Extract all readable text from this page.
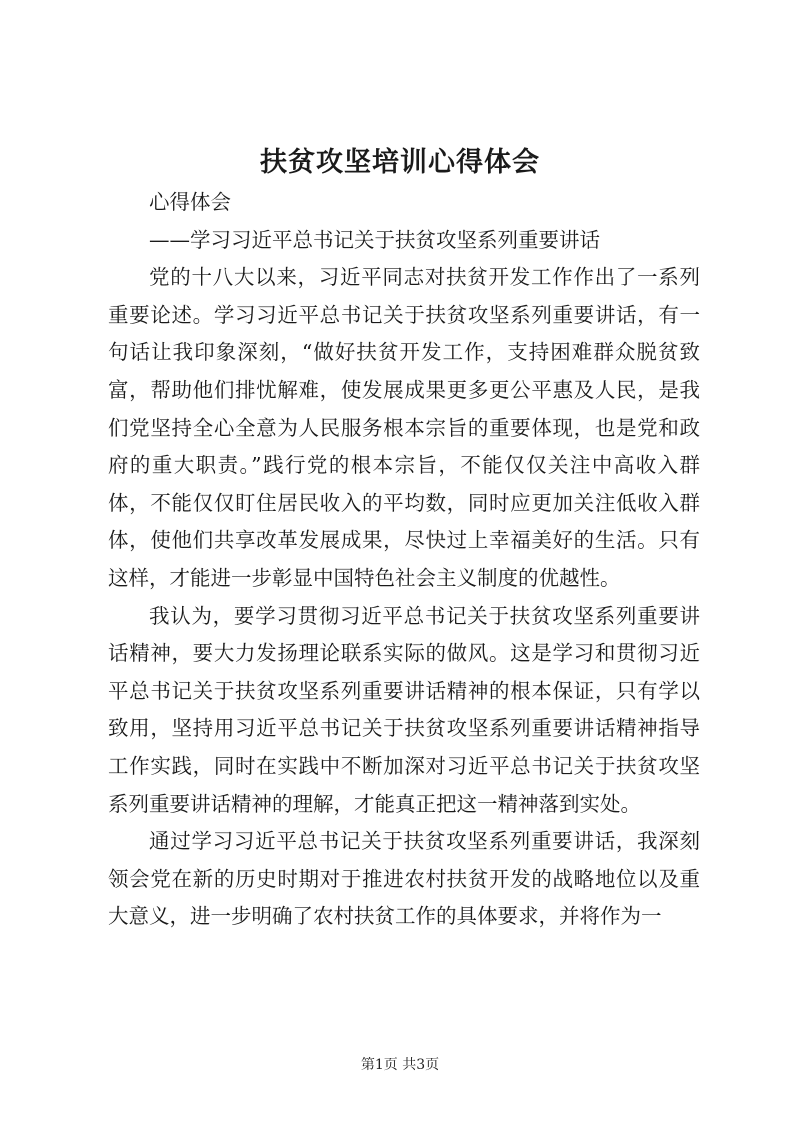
扶贫攻坚培训心得体会

心得体会

——学习习近平总书记关于扶贫攻坚系列重要讲话

党的十八大以来，习近平同志对扶贫开发工作作出了一系列重要论述。学习习近平总书记关于扶贫攻坚系列重要讲话，有一句话让我印象深刻，“做好扶贫开发工作，支持困难群众脱贫致富，帮助他们排忧解难，使发展成果更多更公平惠及人民，是我们党坚持全心全意为人民服务根本宗旨的重要体现，也是党和政府的重大职责。”践行党的根本宗旨，不能仅仅关注中高收入群体，不能仅仅盯住居民收入的平均数，同时应更加关注低收入群体，使他们共享改革发展成果，尽快过上幸福美好的生活。只有这样，才能进一步彰显中国特色社会主义制度的优越性。

我认为，要学习贯彻习近平总书记关于扶贫攻坚系列重要讲话精神，要大力发扬理论联系实际的做风。这是学习和贯彻习近平总书记关于扶贫攻坚系列重要讲话精神的根本保证，只有学以致用，坚持用习近平总书记关于扶贫攻坚系列重要讲话精神指导工作实践，同时在实践中不断加深对习近平总书记关于扶贫攻坚系列重要讲话精神的理解，才能真正把这一精神落到实处。

通过学习习近平总书记关于扶贫攻坚系列重要讲话，我深刻领会党在新的历史时期对于推进农村扶贫开发的战略地位以及重大意义，进一步明确了农村扶贫工作的具体要求，并将作为一

第1页 共3页
